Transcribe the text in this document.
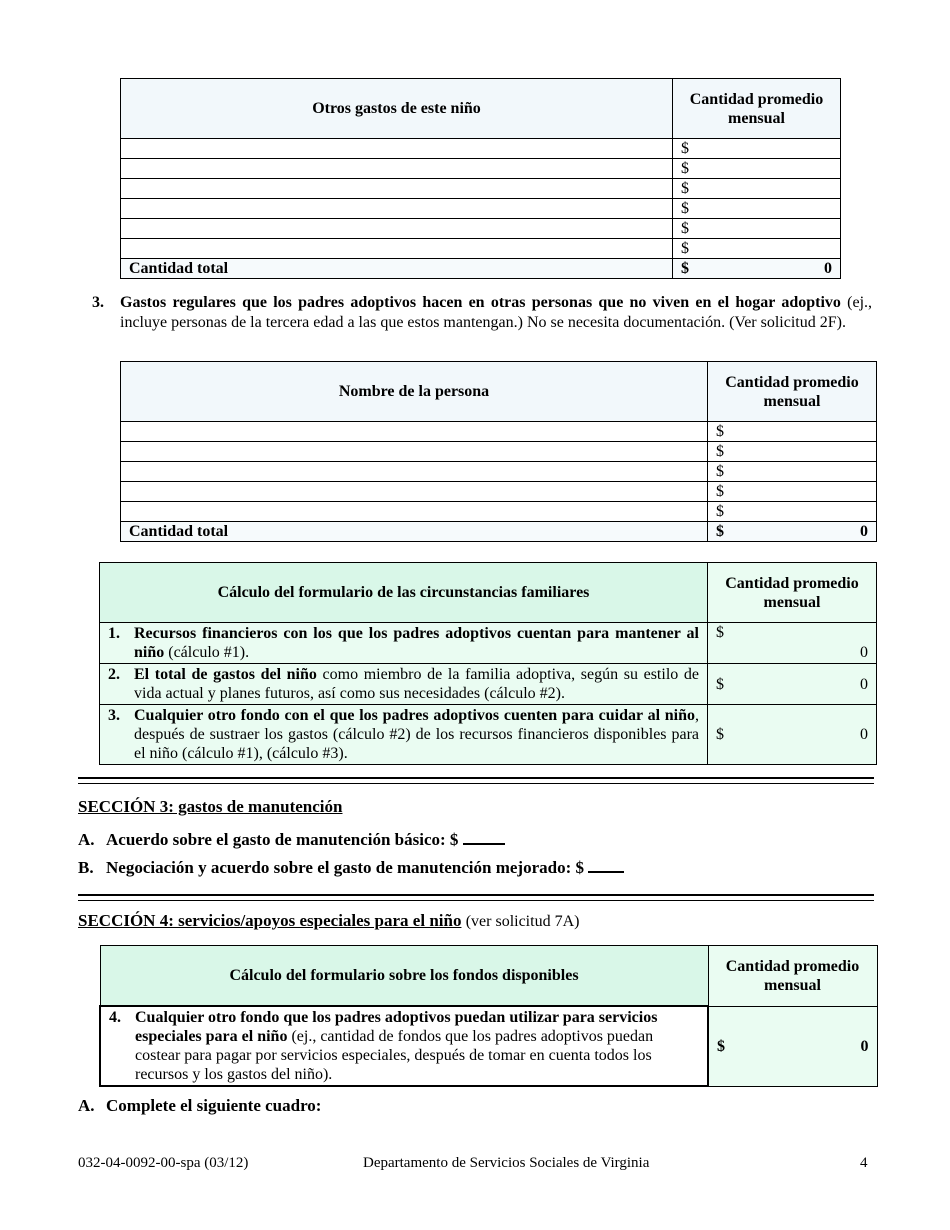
Otros gastos de este niño	Cantidad promedio mensual
	$
	$
	$
	$
	$
	$
Cantidad total	$ 0
3.	Gastos regulares que los padres adoptivos hacen en otras personas que no viven en el hogar adoptivo (ej., incluye personas de la tercera edad a las que estos mantengan.) No se necesita documentación. (Ver solicitud 2F).
Nombre de la persona	Cantidad promedio mensual
	$
	$
	$
	$
	$
Cantidad total	$ 0
Cálculo del formulario de las circunstancias familiares	Cantidad promedio mensual

1. Recursos financieros con los que los padres adoptivos cuentan para mantener al niño (cálculo #1).	$
0

2. El total de gastos del niño como miembro de la familia adoptiva, según su estilo de vida actual y planes futuros, así como sus necesidades (cálculo #2).	$ 0

3. Cualquier otro fondo con el que los padres adoptivos cuenten para cuidar al niño, después de sustraer los gastos (cálculo #2) de los recursos financieros disponibles para el niño (cálculo #1), (cálculo #3).	$ 0
SECCIÓN 3: gastos de manutención
A. Acuerdo sobre el gasto de manutención básico: $
B. Negociación y acuerdo sobre el gasto de manutención mejorado: $
SECCIÓN 4: servicios/apoyos especiales para el niño (ver solicitud 7A)
Cálculo del formulario sobre los fondos disponibles	Cantidad promedio mensual

4. Cualquier otro fondo que los padres adoptivos puedan utilizar para servicios especiales para el niño (ej., cantidad de fondos que los padres adoptivos puedan costear para pagar por servicios especiales, después de tomar en cuenta todos los recursos y los gastos del niño).	$ 0
A. Complete el siguiente cuadro:
032-04-0092-00-spa (03/12)	Departamento de Servicios Sociales de Virginia	4
